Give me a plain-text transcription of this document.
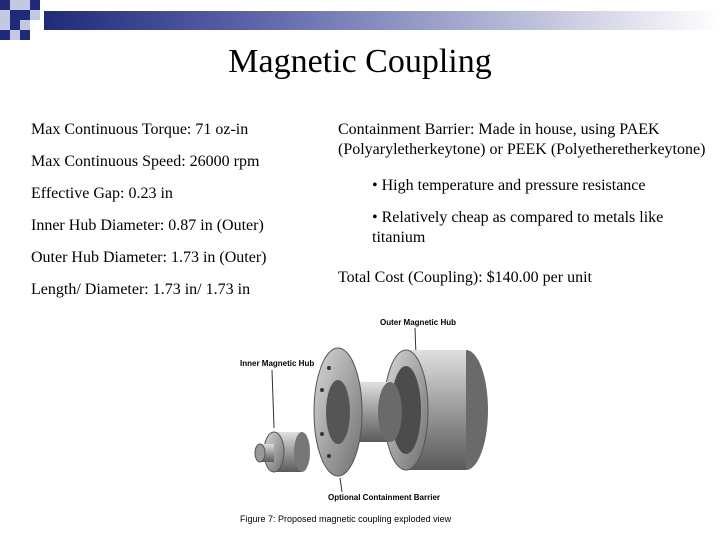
Magnetic Coupling

Max Continuous Torque: 71 oz-in

Max Continuous Speed: 26000 rpm

Effective Gap: 0.23 in

Inner Hub Diameter: 0.87 in (Outer)

Outer Hub Diameter: 1.73 in (Outer)

Length/ Diameter: 1.73 in/ 1.73 in

Containment Barrier: Made in house, using PAEK (Polyaryletherkeytone) or PEEK (Polyetheretherkeytone)

• High temperature and pressure resistance

• Relatively cheap as compared to metals like titanium

Total Cost (Coupling): $140.00 per unit

Outer Magnetic Hub
Inner Magnetic Hub
Optional Containment Barrier
Figure 7: Proposed magnetic coupling exploded view
